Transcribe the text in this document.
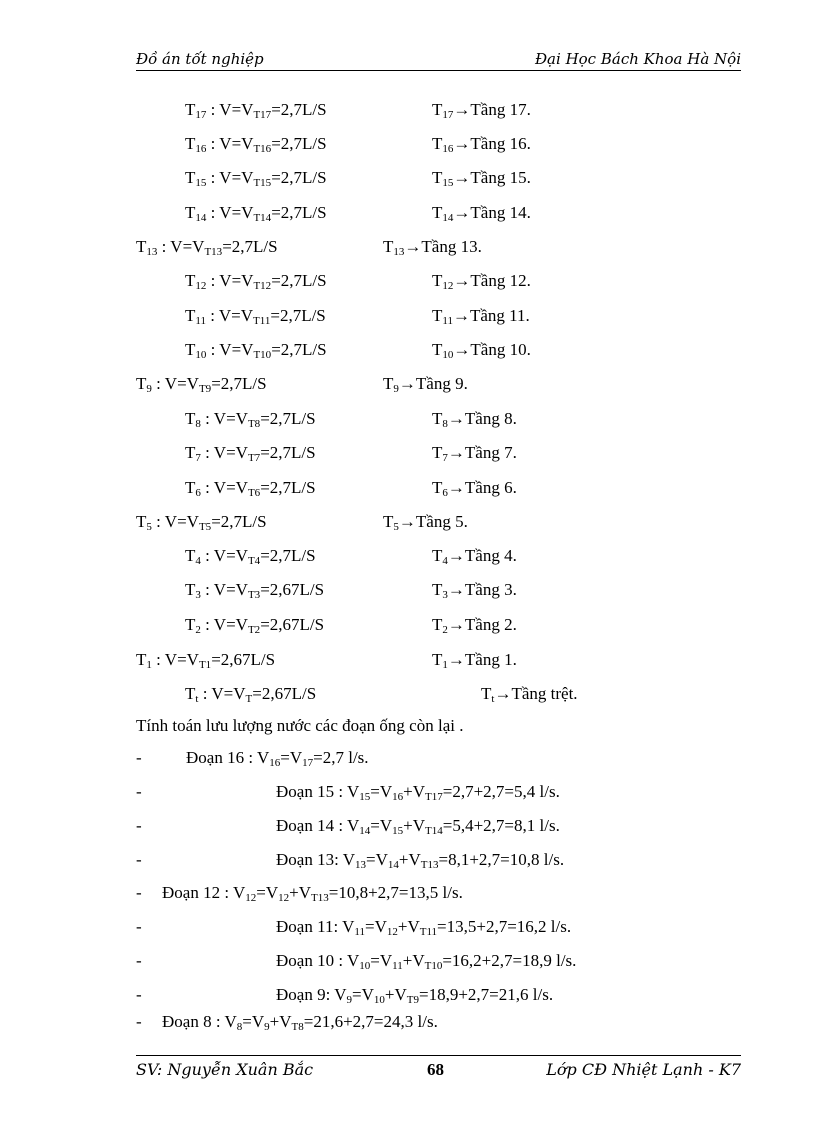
Đồ án tốt nghiệp	Đại Học Bách Khoa Hà Nội
$T_{17}$ : $V=V_{T17}=2,7L/S$	$T_{17}\to Tầng$ 17.
$T_{16}$ : $V=V_{T16}=2,7L/S$	$T_{16}\to Tầng$ 16.
$T_{15}$ : $V=V_{T15}=2,7L/S$	$T_{15}\to Tầng$ 15.
$T_{14}$ : $V=V_{T14}=2,7L/S$	$T_{14}\to Tầng$ 14.
$T_{13}$ : $V=V_{T13}=2,7L/S$	$T_{13}\to Tầng$ 13.
$T_{12}$ : $V=V_{T12}=2,7L/S$	$T_{12}\to Tầng$ 12.
$T_{11}$ : $V=V_{T11}=2,7L/S$	$T_{11}\to Tầng$ 11.
$T_{10}$ : $V=V_{T10}=2,7L/S$	$T_{10}\to Tầng$ 10.
$T_9$ : $V=V_{T9}=2,7L/S$	$T_9\to Tầng$ 9.
$T_8$ : $V=V_{T8}=2,7L/S$	$T_8\to Tầng$ 8.
$T_7$ : $V=V_{T7}=2,7L/S$	$T_7\to Tầng$ 7.
$T_6$ : $V=V_{T6}=2,7L/S$	$T_6\to Tầng$ 6.
$T_5$ : $V=V_{T5}=2,7L/S$	$T_5\to Tầng$ 5.
$T_4$ : $V=V_{T4}=2,7L/S$	$T_4\to Tầng$ 4.
$T_3$ : $V=V_{T3}=2,67L/S$	$T_3\to Tầng$ 3.
$T_2$ : $V=V_{T2}=2,67L/S$	$T_2\to Tầng$ 2.
$T_1$ : $V=V_{T1}=2,67L/S$	$T_1\to Tầng$ 1.
$T_t$ : $V=V_T=2,67L/S$	$T_t\to Tầng$ trệt.
Tính toán lưu lượng nước các đoạn ống còn lại .
-	Đoạn 16 : $V_{16}=V_{17}=2,7$ l/s.
-	Đoạn 15 : $V_{15}=V_{16}+V_{T17}=2,7+2,7=5,4$ l/s.
-	Đoạn 14 : $V_{14}=V_{15}+V_{T14}=5,4+2,7=8,1$ l/s.
-	Đoạn 13: $V_{13}=V_{14}+V_{T13}=8,1+2,7=10,8$ l/s.
- Đoạn 12 : $V_{12}=V_{12}+V_{T13}=10,8+2,7=13,5$ l/s.
-	Đoạn 11: $V_{11}=V_{12}+V_{T11}=13,5+2,7=16,2$ l/s.
-	Đoạn 10 : $V_{10}=V_{11}+V_{T10}=16,2+2,7=18,9$ l/s.
-	Đoạn 9: $V_9=V_{10}+V_{T9}=18,9+2,7=21,6$ l/s.
- Đoạn 8 : $V_8=V_9+V_{T8}=21,6+2,7=24,3$ l/s.
SV: Nguyễn Xuân Bắc	68	Lớp CĐ Nhiệt Lạnh - K7
